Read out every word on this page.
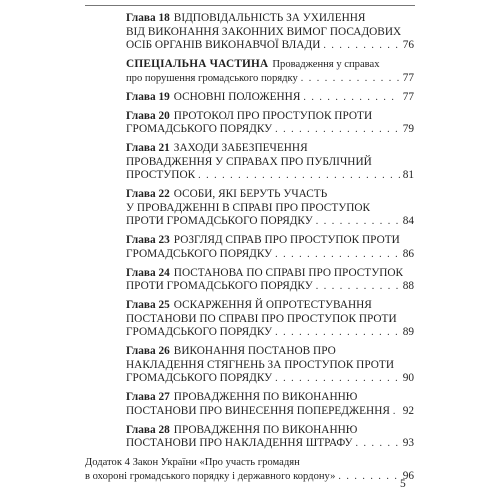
Глава 18 ВІДПОВІДАЛЬНІСТЬ ЗА УХИЛЕННЯ
ВІД ВИКОНАННЯ ЗАКОННИХ ВИМОГ ПОСАДОВИХ
ОСІБ ОРГАНІВ ВИКОНАВЧОЇ ВЛАДИ . . .	76
СПЕЦІАЛЬНА ЧАСТИНА Провадження у справах
про порушення громадського порядку . . .	77
Глава 19 ОСНОВНІ ПОЛОЖЕННЯ . . .	77
Глава 20 ПРОТОКОЛ ПРО ПРОСТУПОК ПРОТИ
ГРОМАДСЬКОГО ПОРЯДКУ . . .	79
Глава 21 ЗАХОДИ ЗАБЕЗПЕЧЕННЯ
ПРОВАДЖЕННЯ У СПРАВАХ ПРО ПУБЛІЧНИЙ
ПРОСТУПОК . . .	81
Глава 22 ОСОБИ, ЯКІ БЕРУТЬ УЧАСТЬ
У ПРОВАДЖЕННІ В СПРАВІ ПРО ПРОСТУПОК
ПРОТИ ГРОМАДСЬКОГО ПОРЯДКУ . . .	84
Глава 23 РОЗГЛЯД СПРАВ ПРО ПРОСТУПОК ПРОТИ
ГРОМАДСЬКОГО ПОРЯДКУ . . .	86
Глава 24 ПОСТАНОВА ПО СПРАВІ ПРО ПРОСТУПОК
ПРОТИ ГРОМАДСЬКОГО ПОРЯДКУ . . .	88
Глава 25 ОСКАРЖЕННЯ Й ОПРОТЕСТУВАННЯ
ПОСТАНОВИ ПО СПРАВІ ПРО ПРОСТУПОК ПРОТИ
ГРОМАДСЬКОГО ПОРЯДКУ . . .	89
Глава 26 ВИКОНАННЯ ПОСТАНОВ ПРО
НАКЛАДЕННЯ СТЯГНЕНЬ ЗА ПРОСТУПОК ПРОТИ
ГРОМАДСЬКОГО ПОРЯДКУ . . .	90
Глава 27 ПРОВАДЖЕННЯ ПО ВИКОНАННЮ
ПОСТАНОВИ ПРО ВИНЕСЕННЯ ПОПЕРЕДЖЕННЯ . . . 92
Глава 28 ПРОВАДЖЕННЯ ПО ВИКОНАННЮ
ПОСТАНОВИ ПРО НАКЛАДЕННЯ ШТРАФУ . . .	93
Додаток 4 Закон України «Про участь громадян
в охороні громадського порядку і державного кордону» . . .	96
5
